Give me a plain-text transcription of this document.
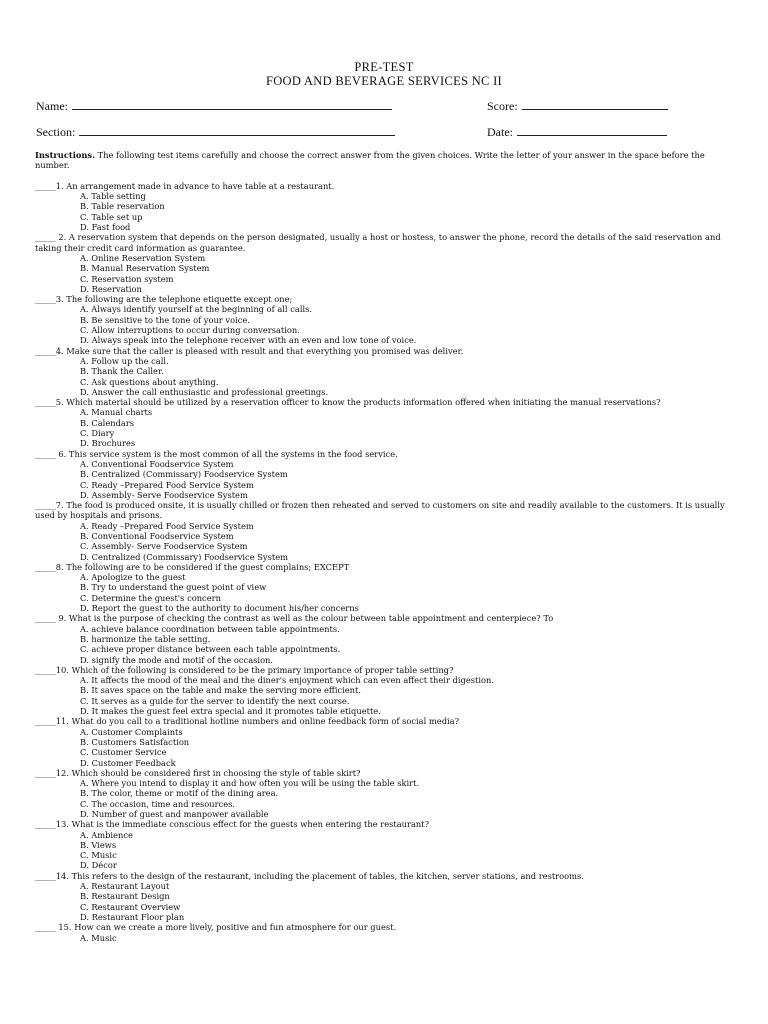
PRE-TEST
FOOD AND BEVERAGE SERVICES NC II
Name:	Score:
Section:	Date:
Instructions. The following test items carefully and choose the correct answer from the given choices. Write the letter of your answer in the space before the number.
_____1. An arrangement made in advance to have table at a restaurant.
A. Table setting
B. Table reservation
C. Table set up
D. Fast food
_____ 2. A reservation system that depends on the person designated, usually a host or hostess, to answer the phone, record the details of the said reservation and taking their credit card information as guarantee.
A. Online Reservation System
B. Manual Reservation System
C. Reservation system
D. Reservation
_____3. The following are the telephone etiquette except one;
A. Always identify yourself at the beginning of all calls.
B. Be sensitive to the tone of your voice.
C. Allow interruptions to occur during conversation.
D. Always speak into the telephone receiver with an even and low tone of voice.
_____4. Make sure that the caller is pleased with result and that everything you promised was deliver.
A. Follow up the call.
B. Thank the Caller.
C. Ask questions about anything.
D. Answer the call enthusiastic and professional greetings.
_____5. Which material should be utilized by a reservation officer to know the products information offered when initiating the manual reservations?
A. Manual charts
B. Calendars
C. Diary
D. Brochures
_____ 6. This service system is the most common of all the systems in the food service.
A. Conventional Foodservice System
B. Centralized (Commissary) Foodservice System
C. Ready –Prepared Food Service System
D. Assembly- Serve Foodservice System
_____7. The food is produced onsite, it is usually chilled or frozen then reheated and served to customers on site and readily available to the customers. It is usually used by hospitals and prisons.
A. Ready –Prepared Food Service System
B. Conventional Foodservice System
C. Assembly- Serve Foodservice System
D. Centralized (Commissary) Foodservice System
_____8. The following are to be considered if the guest complains; EXCEPT
A. Apologize to the guest
B. Try to understand the guest point of view
C. Determine the guest's concern
D. Report the guest to the authority to document his/her concerns
_____ 9. What is the purpose of checking the contrast as well as the colour between table appointment and centerpiece? To
A. achieve balance coordination between table appointments.
B. harmonize the table setting.
C. achieve proper distance between each table appointments.
D. signify the mode and motif of the occasion.
_____10. Which of the following is considered to be the primary importance of proper table setting?
A. It affects the mood of the meal and the diner's enjoyment which can even affect their digestion.
B. It saves space on the table and make the serving more efficient.
C. It serves as a guide for the server to identify the next course.
D. It makes the guest feel extra special and it promotes table etiquette.
_____11. What do you call to a traditional hotline numbers and online feedback form of social media?
A. Customer Complaints
B. Customers Satisfaction
C. Customer Service
D. Customer Feedback
_____12. Which should be considered first in choosing the style of table skirt?
A. Where you intend to display it and how often you will be using the table skirt.
B. The color, theme or motif of the dining area.
C. The occasion, time and resources.
D. Number of guest and manpower available
_____13. What is the immediate conscious effect for the guests when entering the restaurant?
A. Ambience
B. Views
C. Music
D. Décor
_____14. This refers to the design of the restaurant, including the placement of tables, the kitchen, server stations, and restrooms.
A. Restaurant Layout
B. Restaurant Design
C. Restaurant Overview
D. Restaurant Floor plan
_____ 15. How can we create a more lively, positive and fun atmosphere for our guest.
A. Music
